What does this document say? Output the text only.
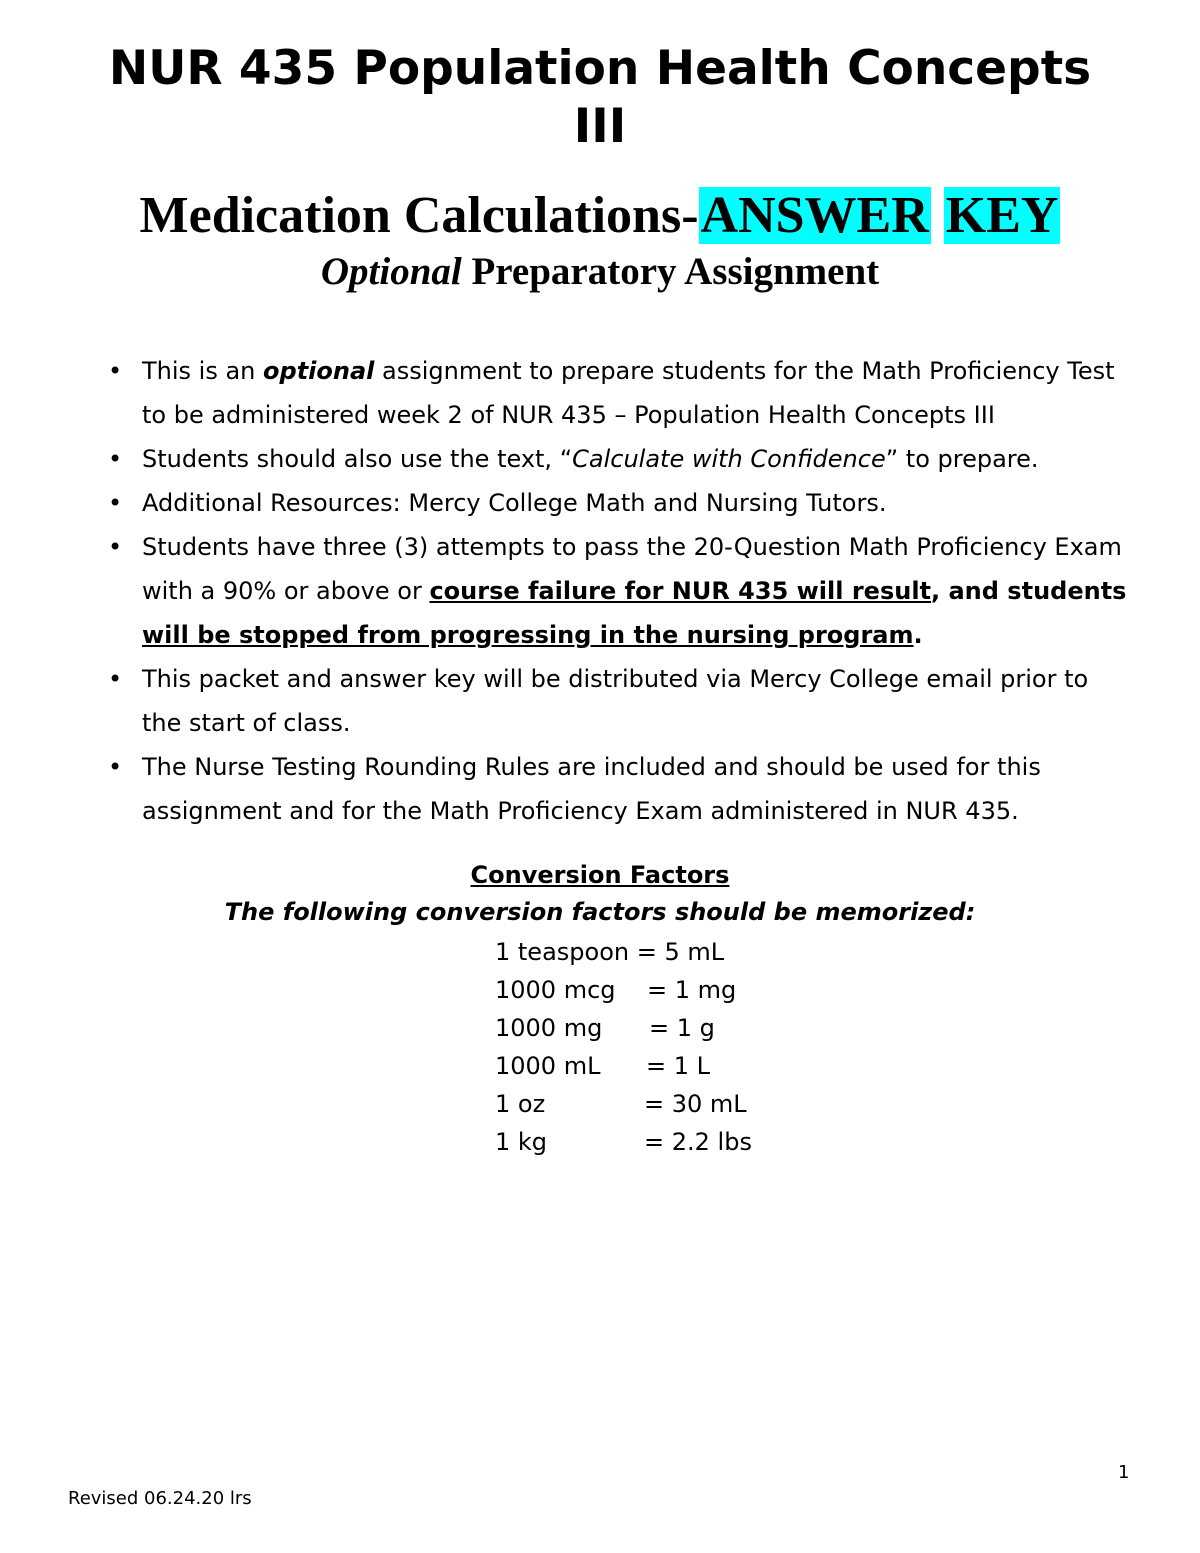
NUR 435 Population Health Concepts
III
Medication Calculations-ANSWER KEY
Optional Preparatory Assignment
• This is an optional assignment to prepare students for the Math Proficiency Test to be administered week 2 of NUR 435 – Population Health Concepts III
• Students should also use the text, “Calculate with Confidence” to prepare.
• Additional Resources: Mercy College Math and Nursing Tutors.
• Students have three (3) attempts to pass the 20-Question Math Proficiency Exam with a 90% or above or course failure for NUR 435 will result, and students will be stopped from progressing in the nursing program.
• This packet and answer key will be distributed via Mercy College email prior to the start of class.
• The Nurse Testing Rounding Rules are included and should be used for this assignment and for the Math Proficiency Exam administered in NUR 435.
Conversion Factors
The following conversion factors should be memorized:
1 teaspoon = 5 mL
1000 mcg = 1 mg
1000 mg = 1 g
1000 mL = 1 L
1 oz	= 30 mL
1 kg	= 2.2 lbs
1
Revised 06.24.20 lrs
